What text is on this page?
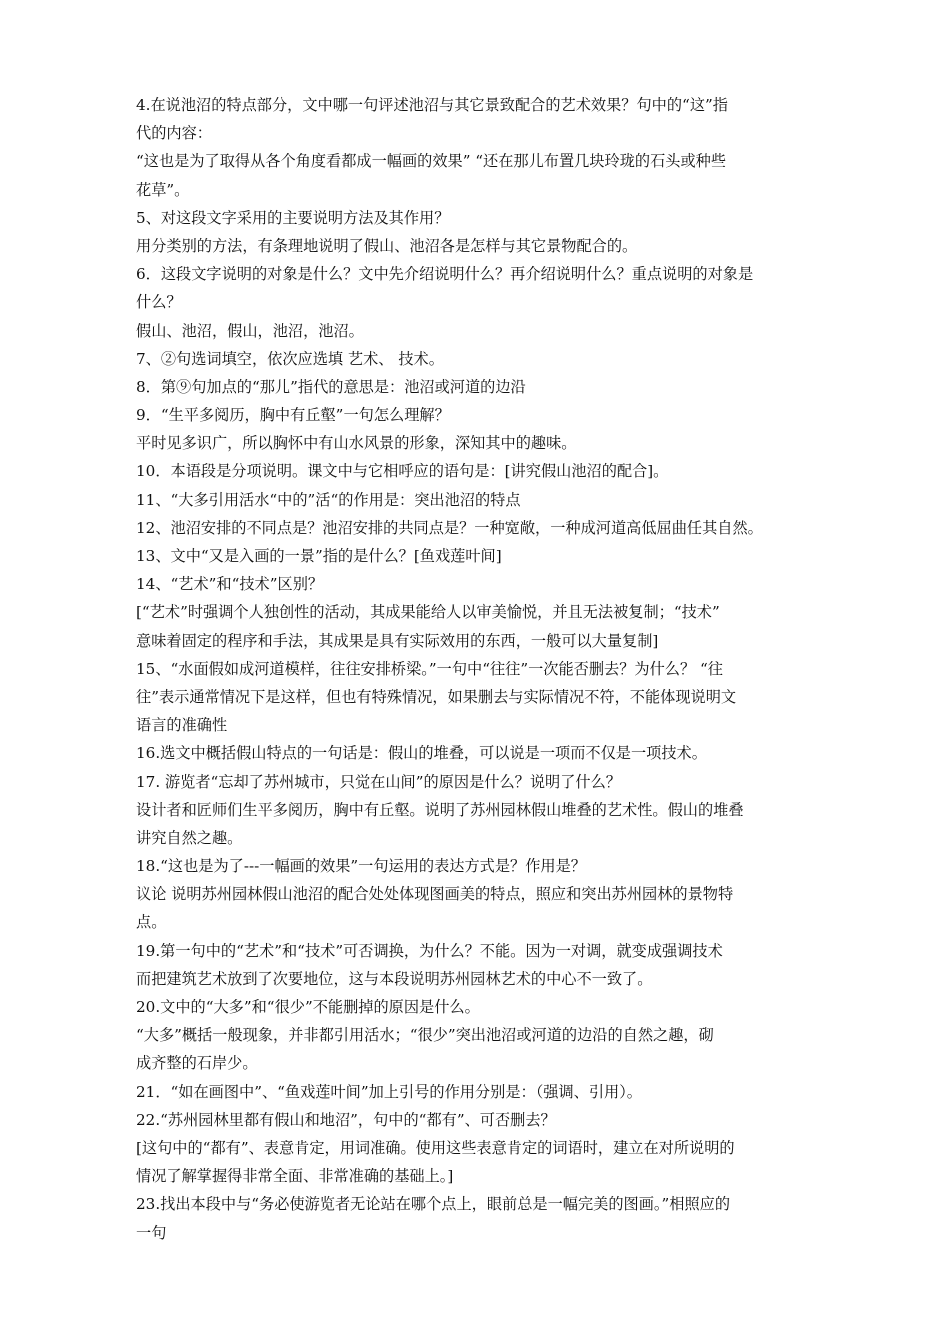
4.在说池沼的特点部分，文中哪一句评述池沼与其它景致配合的艺术效果？句中的“这”指
代的内容：
“这也是为了取得从各个角度看都成一幅画的效果” “还在那儿布置几块玲珑的石头或种些
花草”。
5、对这段文字采用的主要说明方法及其作用？
用分类别的方法，有条理地说明了假山、池沼各是怎样与其它景物配合的。
6．这段文字说明的对象是什么？文中先介绍说明什么？再介绍说明什么？重点说明的对象是
什么？
假山、池沼，假山，池沼，池沼。
7、②句选词填空，依次应选填 艺术、 技术。
8．第⑨句加点的“那儿”指代的意思是：池沼或河道的边沿
9．“生平多阅历，胸中有丘壑”一句怎么理解？
平时见多识广，所以胸怀中有山水风景的形象，深知其中的趣味。
10．本语段是分项说明。课文中与它相呼应的语句是：[讲究假山池沼的配合]。
11、“大多引用活水“中的”活“的作用是：突出池沼的特点
12、池沼安排的不同点是？池沼安排的共同点是？一种宽敞，一种成河道高低屈曲任其自然。
13、文中“又是入画的一景”指的是什么？[鱼戏莲叶间]
14、“艺术”和“技术”区别？
[“艺术”时强调个人独创性的活动，其成果能给人以审美愉悦，并且无法被复制；“技术”
意味着固定的程序和手法，其成果是具有实际效用的东西，一般可以大量复制]
15、“水面假如成河道模样，往往安排桥梁。”一句中“往往”一次能否删去？为什么？ “往
往”表示通常情况下是这样，但也有特殊情况，如果删去与实际情况不符，不能体现说明文
语言的准确性
16.选文中概括假山特点的一句话是：假山的堆叠，可以说是一项而不仅是一项技术。
17. 游览者“忘却了苏州城市，只觉在山间”的原因是什么？说明了什么？
设计者和匠师们生平多阅历，胸中有丘壑。说明了苏州园林假山堆叠的艺术性。假山的堆叠
讲究自然之趣。
18.“这也是为了---一幅画的效果”一句运用的表达方式是？作用是？
议论 说明苏州园林假山池沼的配合处处体现图画美的特点，照应和突出苏州园林的景物特
点。
19.第一句中的“艺术”和“技术”可否调换，为什么？不能。因为一对调，就变成强调技术
而把建筑艺术放到了次要地位，这与本段说明苏州园林艺术的中心不一致了。
20.文中的“大多”和“很少”不能删掉的原因是什么。
“大多”概括一般现象，并非都引用活水；“很少”突出池沼或河道的边沿的自然之趣，砌
成齐整的石岸少。
21．“如在画图中”、“鱼戏莲叶间”加上引号的作用分别是：（强调、引用）。
22.“苏州园林里都有假山和地沼”，句中的“都有”、可否删去？
[这句中的“都有”、表意肯定，用词准确。使用这些表意肯定的词语时，建立在对所说明的
情况了解掌握得非常全面、非常准确的基础上。]
23.找出本段中与“务必使游览者无论站在哪个点上，眼前总是一幅完美的图画。”相照应的
一句
